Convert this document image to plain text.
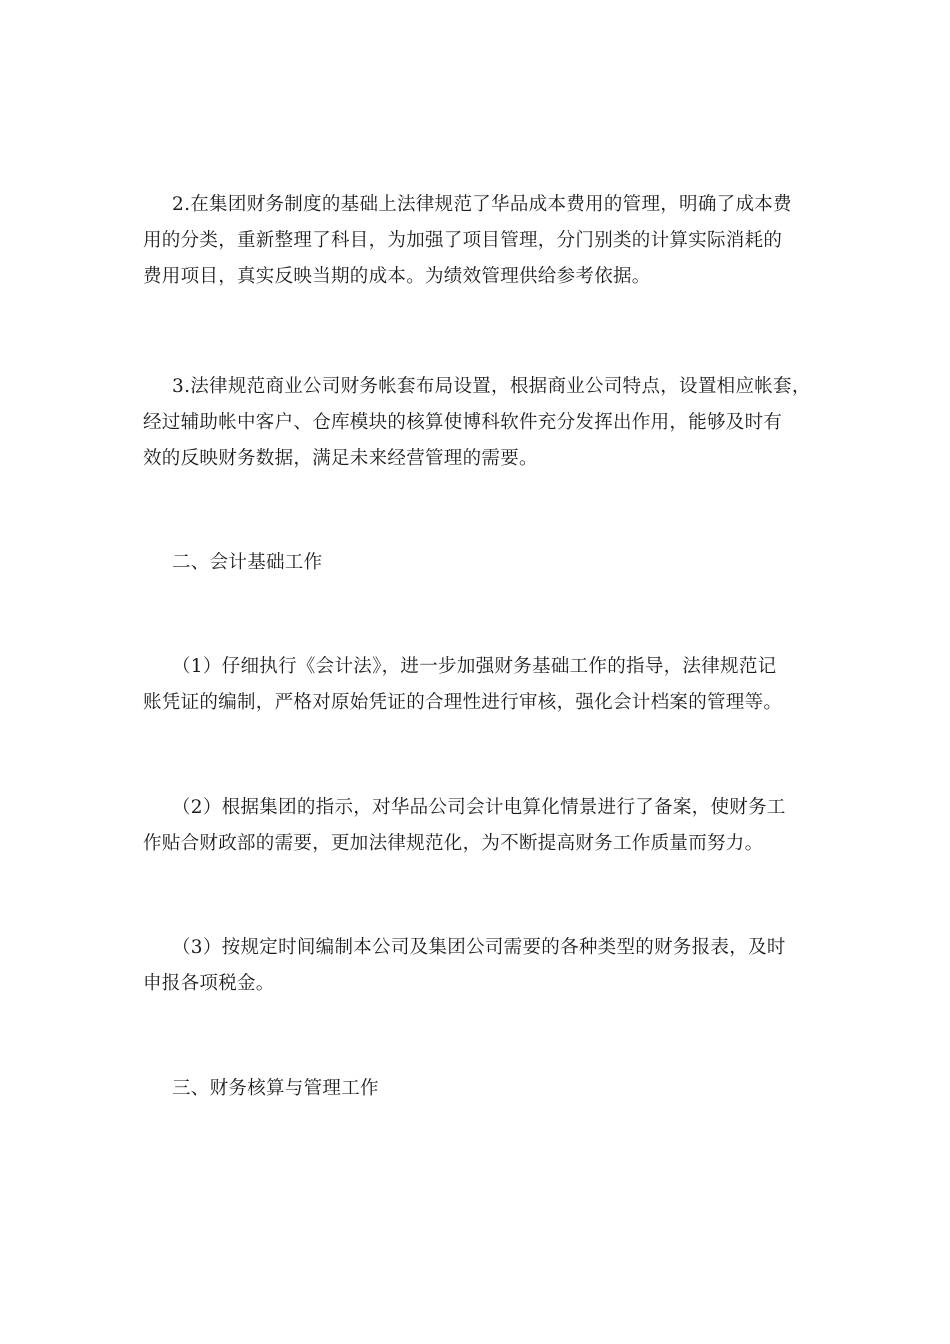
2.在集团财务制度的基础上法律规范了华品成本费用的管理，明确了成本费
用的分类，重新整理了科目，为加强了项目管理，分门别类的计算实际消耗的
费用项目，真实反映当期的成本。为绩效管理供给参考依据。
3.法律规范商业公司财务帐套布局设置，根据商业公司特点，设置相应帐套，
经过辅助帐中客户、仓库模块的核算使博科软件充分发挥出作用，能够及时有
效的反映财务数据，满足未来经营管理的需要。
二、会计基础工作
（1）仔细执行《会计法》，进一步加强财务基础工作的指导，法律规范记
账凭证的编制，严格对原始凭证的合理性进行审核，强化会计档案的管理等。
（2）根据集团的指示，对华品公司会计电算化情景进行了备案，使财务工
作贴合财政部的需要，更加法律规范化，为不断提高财务工作质量而努力。
（3）按规定时间编制本公司及集团公司需要的各种类型的财务报表，及时
申报各项税金。
三、财务核算与管理工作
